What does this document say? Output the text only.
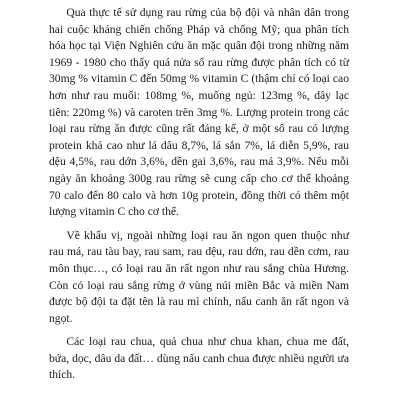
Qua thực tế sử dụng rau rừng của bộ đội và nhân dân trong hai cuộc kháng chiến chống Pháp và chống Mỹ; qua phân tích hóa học tại Viện Nghiên cứu ăn mặc quân đội trong những năm 1969 - 1980 cho thấy quá nửa số rau rừng được phân tích có từ 30mg % vitamin C đến 50mg % vitamin C (thậm chí có loại cao hơn như rau muối: 108mg %, muống ngủ: 123mg %, dây lạc tiên: 220mg %) và caroten trên 3mg %. Lượng protein trong các loại rau rừng ăn được cũng rất đáng kể, ở một số rau có lượng protein khá cao như lá dâu 8,7%, lá sắn 7%, lá diễn 5,9%, rau dệu 4,5%, rau dớn 3,6%, dền gai 3,6%, rau má 3,9%. Nếu mỗi ngày ăn khoảng 300g rau rừng sẽ cung cấp cho cơ thể khoảng 70 calo đến 80 calo và hơn 10g protein, đồng thời có thêm một lượng vitamin C cho cơ thể.

Về khẩu vị, ngoài những loại rau ăn ngon quen thuộc như rau má, rau tàu bay, rau sam, rau dệu, rau dớn, rau dền cơm, rau môn thục…, có loại rau ăn rất ngon như rau sắng chùa Hương. Còn có loại rau sắng rừng ở vùng núi miền Bắc và miền Nam được bộ đội ta đặt tên là rau mì chính, nấu canh ăn rất ngon và ngọt.

Các loại rau chua, quả chua như chua khan, chua me đất, bứa, dọc, dâu da đất… dùng nấu canh chua được nhiều người ưa thích.
